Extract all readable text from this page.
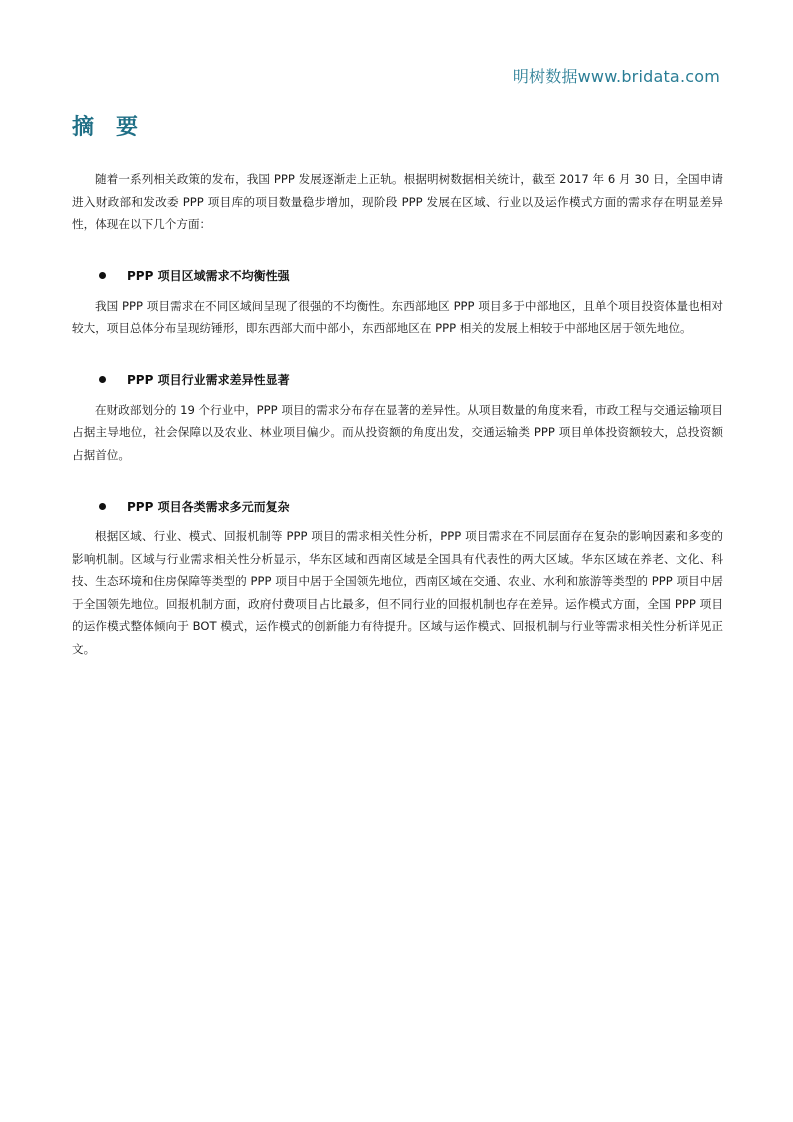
明树数据www.bridata.com
摘要

随着一系列相关政策的发布，我国 PPP 发展逐渐走上正轨。根据明树数据相关统计，截至 2017 年 6 月 30 日，全国申请进入财政部和发改委 PPP 项目库的项目数量稳步增加，现阶段 PPP 发展在区域、行业以及运作模式方面的需求存在明显差异性，体现在以下几个方面：

PPP 项目区域需求不均衡性强

我国 PPP 项目需求在不同区域间呈现了很强的不均衡性。东西部地区 PPP 项目多于中部地区，且单个项目投资体量也相对较大，项目总体分布呈现纺锤形，即东西部大而中部小，东西部地区在 PPP 相关的发展上相较于中部地区居于领先地位。

PPP 项目行业需求差异性显著

在财政部划分的 19 个行业中，PPP 项目的需求分布存在显著的差异性。从项目数量的角度来看，市政工程与交通运输项目占据主导地位，社会保障以及农业、林业项目偏少。而从投资额的角度出发，交通运输类 PPP 项目单体投资额较大，总投资额占据首位。

PPP 项目各类需求多元而复杂

根据区域、行业、模式、回报机制等 PPP 项目的需求相关性分析，PPP 项目需求在不同层面存在复杂的影响因素和多变的影响机制。区域与行业需求相关性分析显示，华东区域和西南区域是全国具有代表性的两大区域。华东区域在养老、文化、科技、生态环境和住房保障等类型的 PPP 项目中居于全国领先地位，西南区域在交通、农业、水利和旅游等类型的 PPP 项目中居于全国领先地位。回报机制方面，政府付费项目占比最多，但不同行业的回报机制也存在差异。运作模式方面，全国 PPP 项目的运作模式整体倾向于 BOT 模式，运作模式的创新能力有待提升。区域与运作模式、回报机制与行业等需求相关性分析详见正文。
